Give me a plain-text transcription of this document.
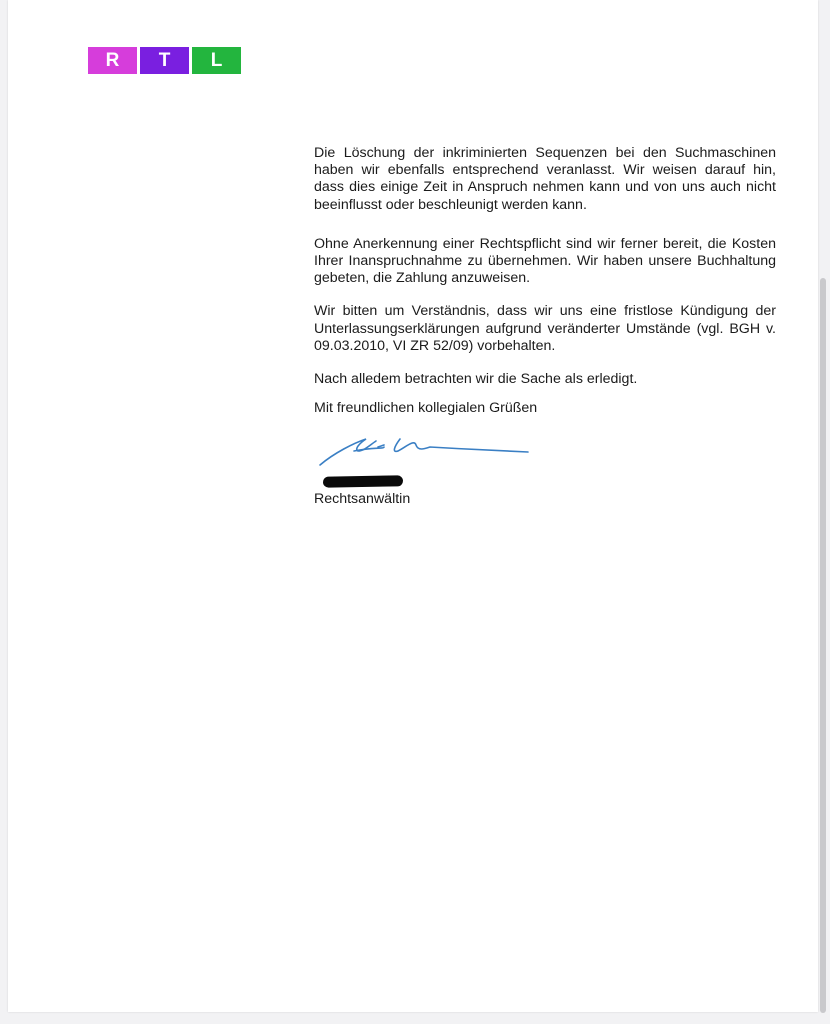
R	T	L

Die Löschung der inkriminierten Sequenzen bei den Suchmaschinen haben wir ebenfalls entsprechend veranlasst. Wir weisen darauf hin, dass dies einige Zeit in Anspruch nehmen kann und von uns auch nicht beeinflusst oder beschleunigt werden kann.

Ohne Anerkennung einer Rechtspflicht sind wir ferner bereit, die Kosten Ihrer Inanspruchnahme zu übernehmen. Wir haben unsere Buchhaltung gebeten, die Zahlung anzuweisen.

Wir bitten um Verständnis, dass wir uns eine fristlose Kündigung der Unterlassungserklärungen aufgrund veränderter Umstände (vgl. BGH v. 09.03.2010, VI ZR 52/09) vorbehalten.

Nach alledem betrachten wir die Sache als erledigt.

Mit freundlichen kollegialen Grüßen

Rechtsanwältin
